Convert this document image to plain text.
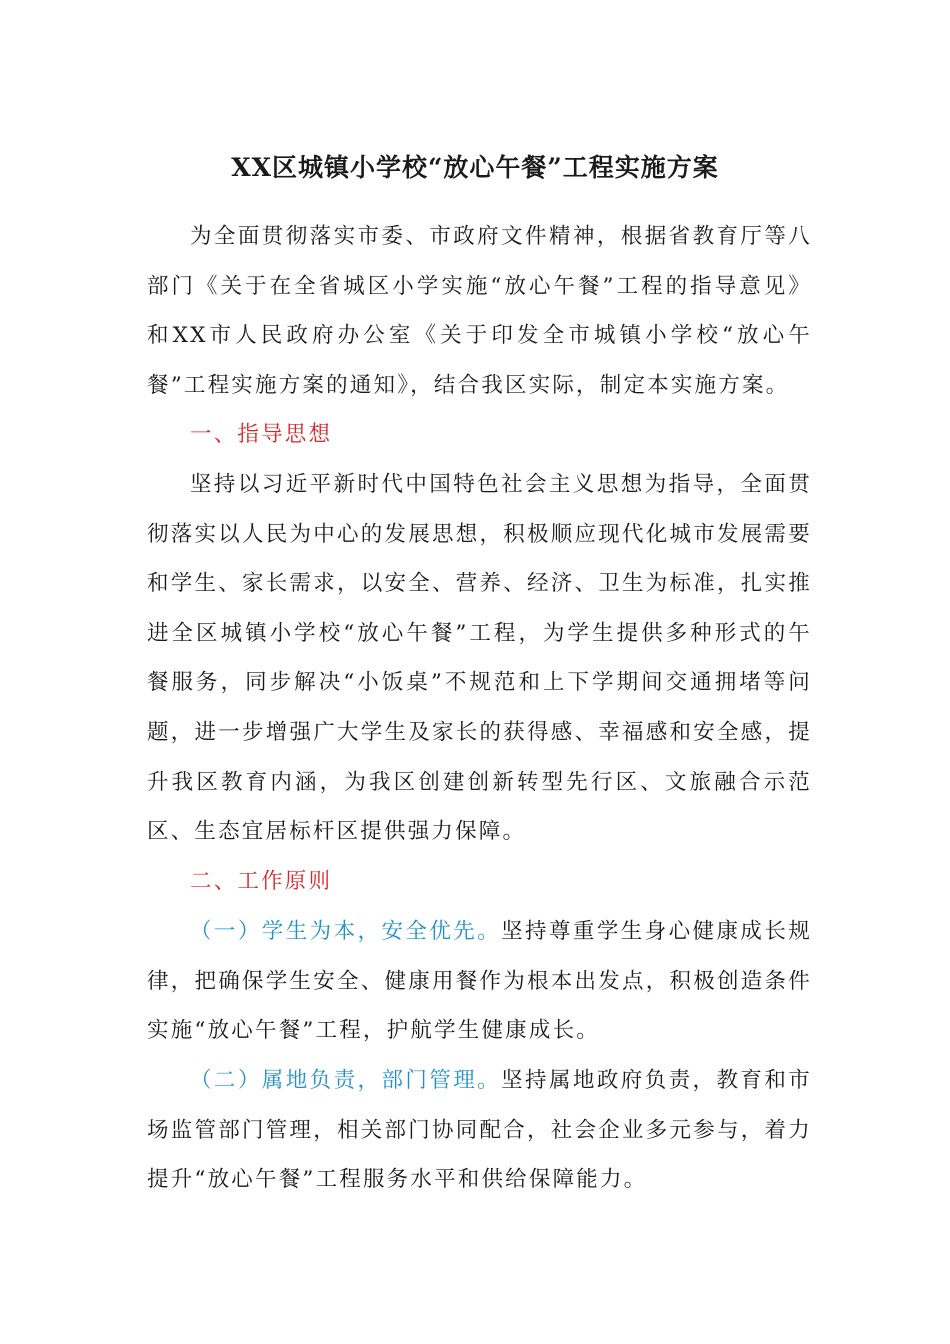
XX区城镇小学校“放心午餐”工程实施方案
为全面贯彻落实市委、市政府文件精神，根据省教育厅等八部门《关于在全省城区小学实施“放心午餐”工程的指导意见》和XX市人民政府办公室《关于印发全市城镇小学校“放心午餐”工程实施方案的通知》，结合我区实际，制定本实施方案。
一、指导思想
坚持以习近平新时代中国特色社会主义思想为指导，全面贯彻落实以人民为中心的发展思想，积极顺应现代化城市发展需要和学生、家长需求，以安全、营养、经济、卫生为标准，扎实推进全区城镇小学校“放心午餐”工程，为学生提供多种形式的午餐服务，同步解决“小饭桌”不规范和上下学期间交通拥堵等问题，进一步增强广大学生及家长的获得感、幸福感和安全感，提升我区教育内涵，为我区创建创新转型先行区、文旅融合示范区、生态宜居标杆区提供强力保障。
二、工作原则
（一）学生为本，安全优先。坚持尊重学生身心健康成长规律，把确保学生安全、健康用餐作为根本出发点，积极创造条件实施“放心午餐”工程，护航学生健康成长。
（二）属地负责，部门管理。坚持属地政府负责，教育和市场监管部门管理，相关部门协同配合，社会企业多元参与，着力提升“放心午餐”工程服务水平和供给保障能力。
